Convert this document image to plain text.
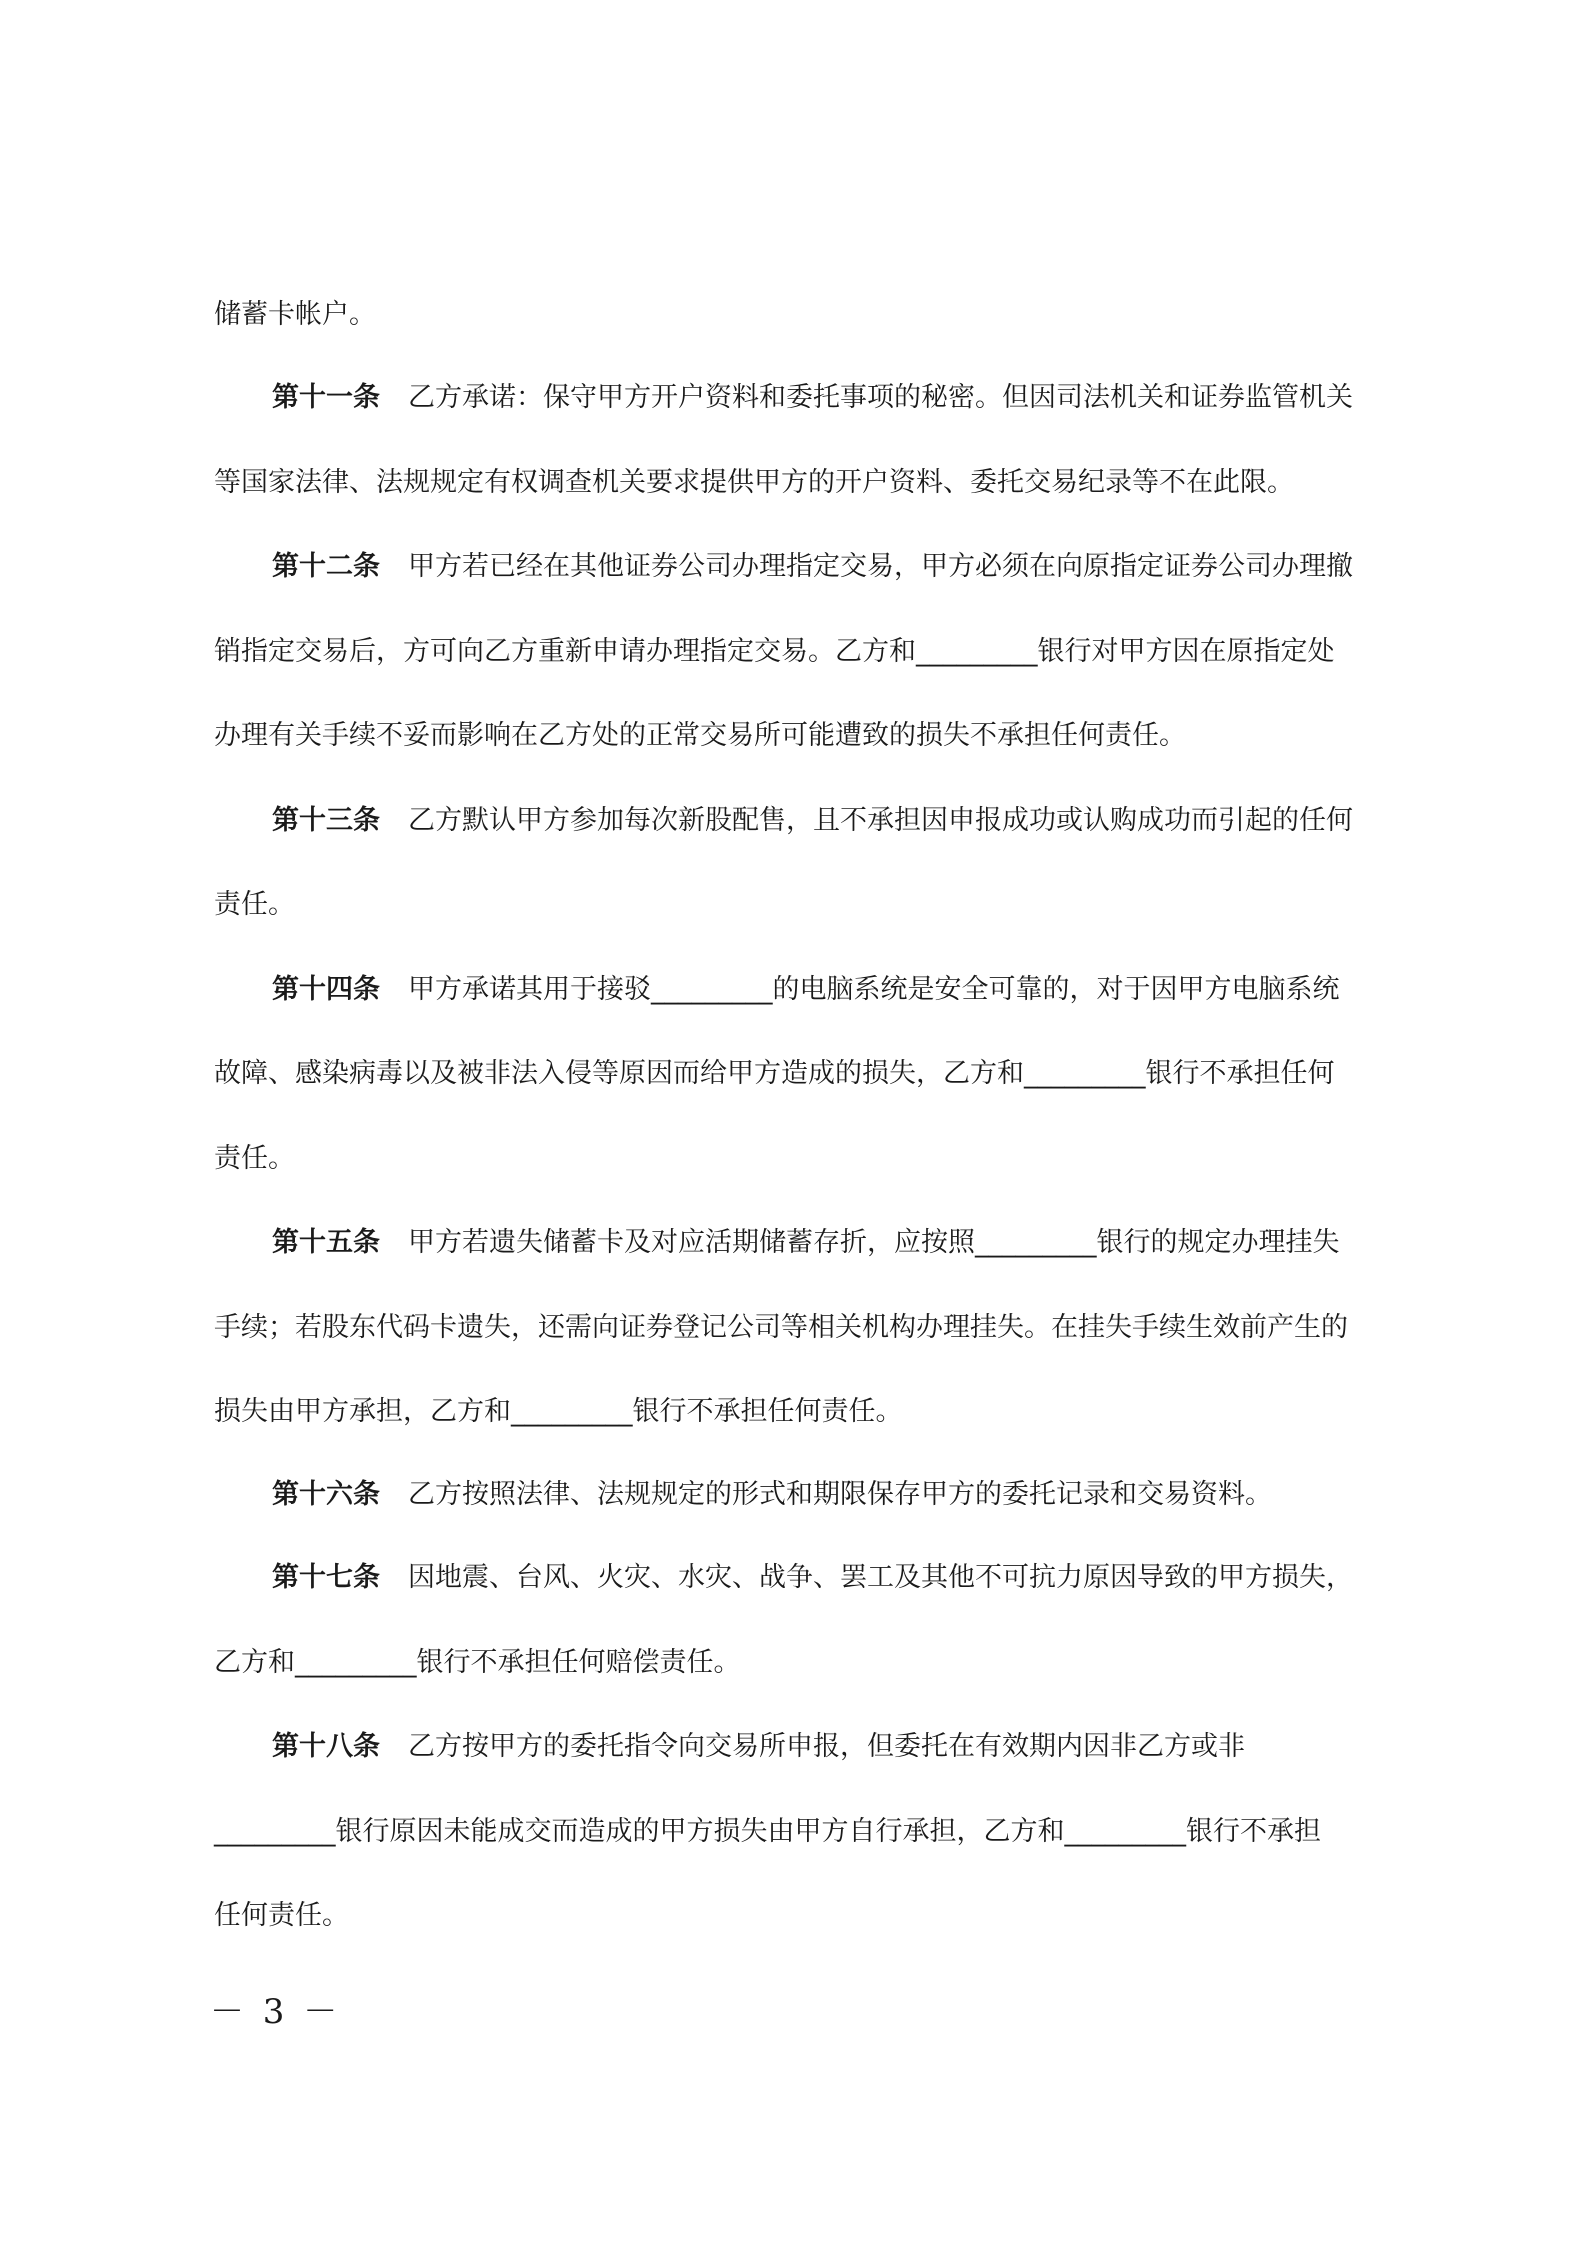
储蓄卡帐户。
第十一条 乙方承诺：保守甲方开户资料和委托事项的秘密。但因司法机关和证券监管机关
等国家法律、法规规定有权调查机关要求提供甲方的开户资料、委托交易纪录等不在此限。
第十二条 甲方若已经在其他证券公司办理指定交易，甲方必须在向原指定证券公司办理撤
销指定交易后，方可向乙方重新申请办理指定交易。乙方和_________银行对甲方因在原指定处
办理有关手续不妥而影响在乙方处的正常交易所可能遭致的损失不承担任何责任。
第十三条 乙方默认甲方参加每次新股配售，且不承担因申报成功或认购成功而引起的任何
责任。
第十四条 甲方承诺其用于接驳_________的电脑系统是安全可靠的，对于因甲方电脑系统
故障、感染病毒以及被非法入侵等原因而给甲方造成的损失，乙方和_________银行不承担任何
责任。
第十五条 甲方若遗失储蓄卡及对应活期储蓄存折，应按照_________银行的规定办理挂失
手续；若股东代码卡遗失，还需向证券登记公司等相关机构办理挂失。在挂失手续生效前产生的
损失由甲方承担，乙方和_________银行不承担任何责任。
第十六条 乙方按照法律、法规规定的形式和期限保存甲方的委托记录和交易资料。
第十七条 因地震、台风、火灾、水灾、战争、罢工及其他不可抗力原因导致的甲方损失，
乙方和_________银行不承担任何赔偿责任。
第十八条 乙方按甲方的委托指令向交易所申报，但委托在有效期内因非乙方或非
_________银行原因未能成交而造成的甲方损失由甲方自行承担，乙方和_________银行不承担
任何责任。
－ 3 －
